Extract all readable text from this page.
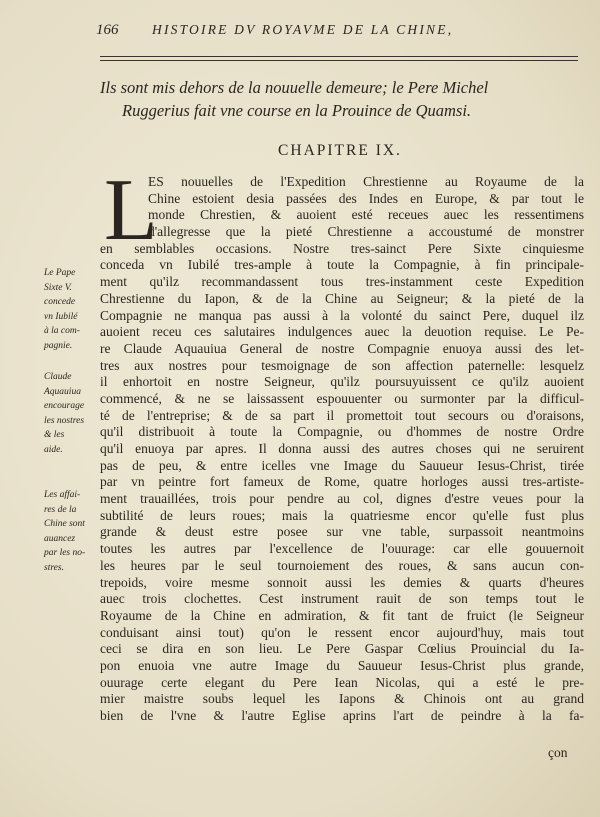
166	HISTOIRE DV ROYAVME DE LA CHINE,
Ils sont mis dehors de la nouuelle demeure; le Pere Michel
Ruggerius fait vne course en la Prouince de Quamsi.
CHAPITRE IX.
L
ES nouuelles de l'Expedition Chrestienne au Royaume de la
Chine estoient desia passées des Indes en Europe, & par tout le
monde Chrestien, & auoient esté receues auec les ressentimens
d'allegresse que la pieté Chrestienne a accoustumé de monstrer
en semblables occasions. Nostre tres-sainct Pere Sixte cinquiesme
conceda vn Iubilé tres-ample à toute la Compagnie, à fin principale-
ment qu'ilz recommandassent tous tres-instamment ceste Expedition
Chrestienne du Iapon, & de la Chine au Seigneur; & la pieté de la
Compagnie ne manqua pas aussi à la volonté du sainct Pere, duquel ilz
auoient receu ces salutaires indulgences auec la deuotion requise. Le Pe-
re Claude Aquauiua General de nostre Compagnie enuoya aussi des let-
tres aux nostres pour tesmoignage de son affection paternelle: lesquelz
il enhortoit en nostre Seigneur, qu'ilz poursuyuissent ce qu'ilz auoient
commencé, & ne se laissassent espouuenter ou surmonter par la difficul-
té de l'entreprise; & de sa part il promettoit tout secours ou d'oraisons,
qu'il distribuoit à toute la Compagnie, ou d'hommes de nostre Ordre
qu'il enuoya par apres. Il donna aussi des autres choses qui ne seruirent
pas de peu, & entre icelles vne Image du Sauueur Iesus-Christ, tirée
par vn peintre fort fameux de Rome, quatre horloges aussi tres-artiste-
ment trauaillées, trois pour pendre au col, dignes d'estre veues pour la
subtilité de leurs roues; mais la quatriesme encor qu'elle fust plus
grande & deust estre posee sur vne table, surpassoit neantmoins
toutes les autres par l'excellence de l'ouurage: car elle gouuernoit
les heures par le seul tournoiement des roues, & sans aucun con-
trepoids, voire mesme sonnoit aussi les demies & quarts d'heures
auec trois clochettes. Cest instrument rauit de son temps tout le
Royaume de la Chine en admiration, & fit tant de fruict (le Seigneur
conduisant ainsi tout) qu'on le ressent encor aujourd'huy, mais tout
ceci se dira en son lieu. Le Pere Gaspar Cœlius Prouincial du Ia-
pon enuoia vne autre Image du Sauueur Iesus-Christ plus grande,
ouurage certe elegant du Pere Iean Nicolas, qui a esté le pre-
mier maistre soubs lequel les Iapons & Chinois ont au grand
bien de l'vne & l'autre Eglise aprins l'art de peindre à la fa-
Le Pape
Sixte V.
concede
vn Iubilé
à la com-
pagnie.
Claude
Aquauiua
encourage
les nostres
& les
aide.
Les affai-
res de la
Chine sont
auancez
par les no-
stres.
çon
